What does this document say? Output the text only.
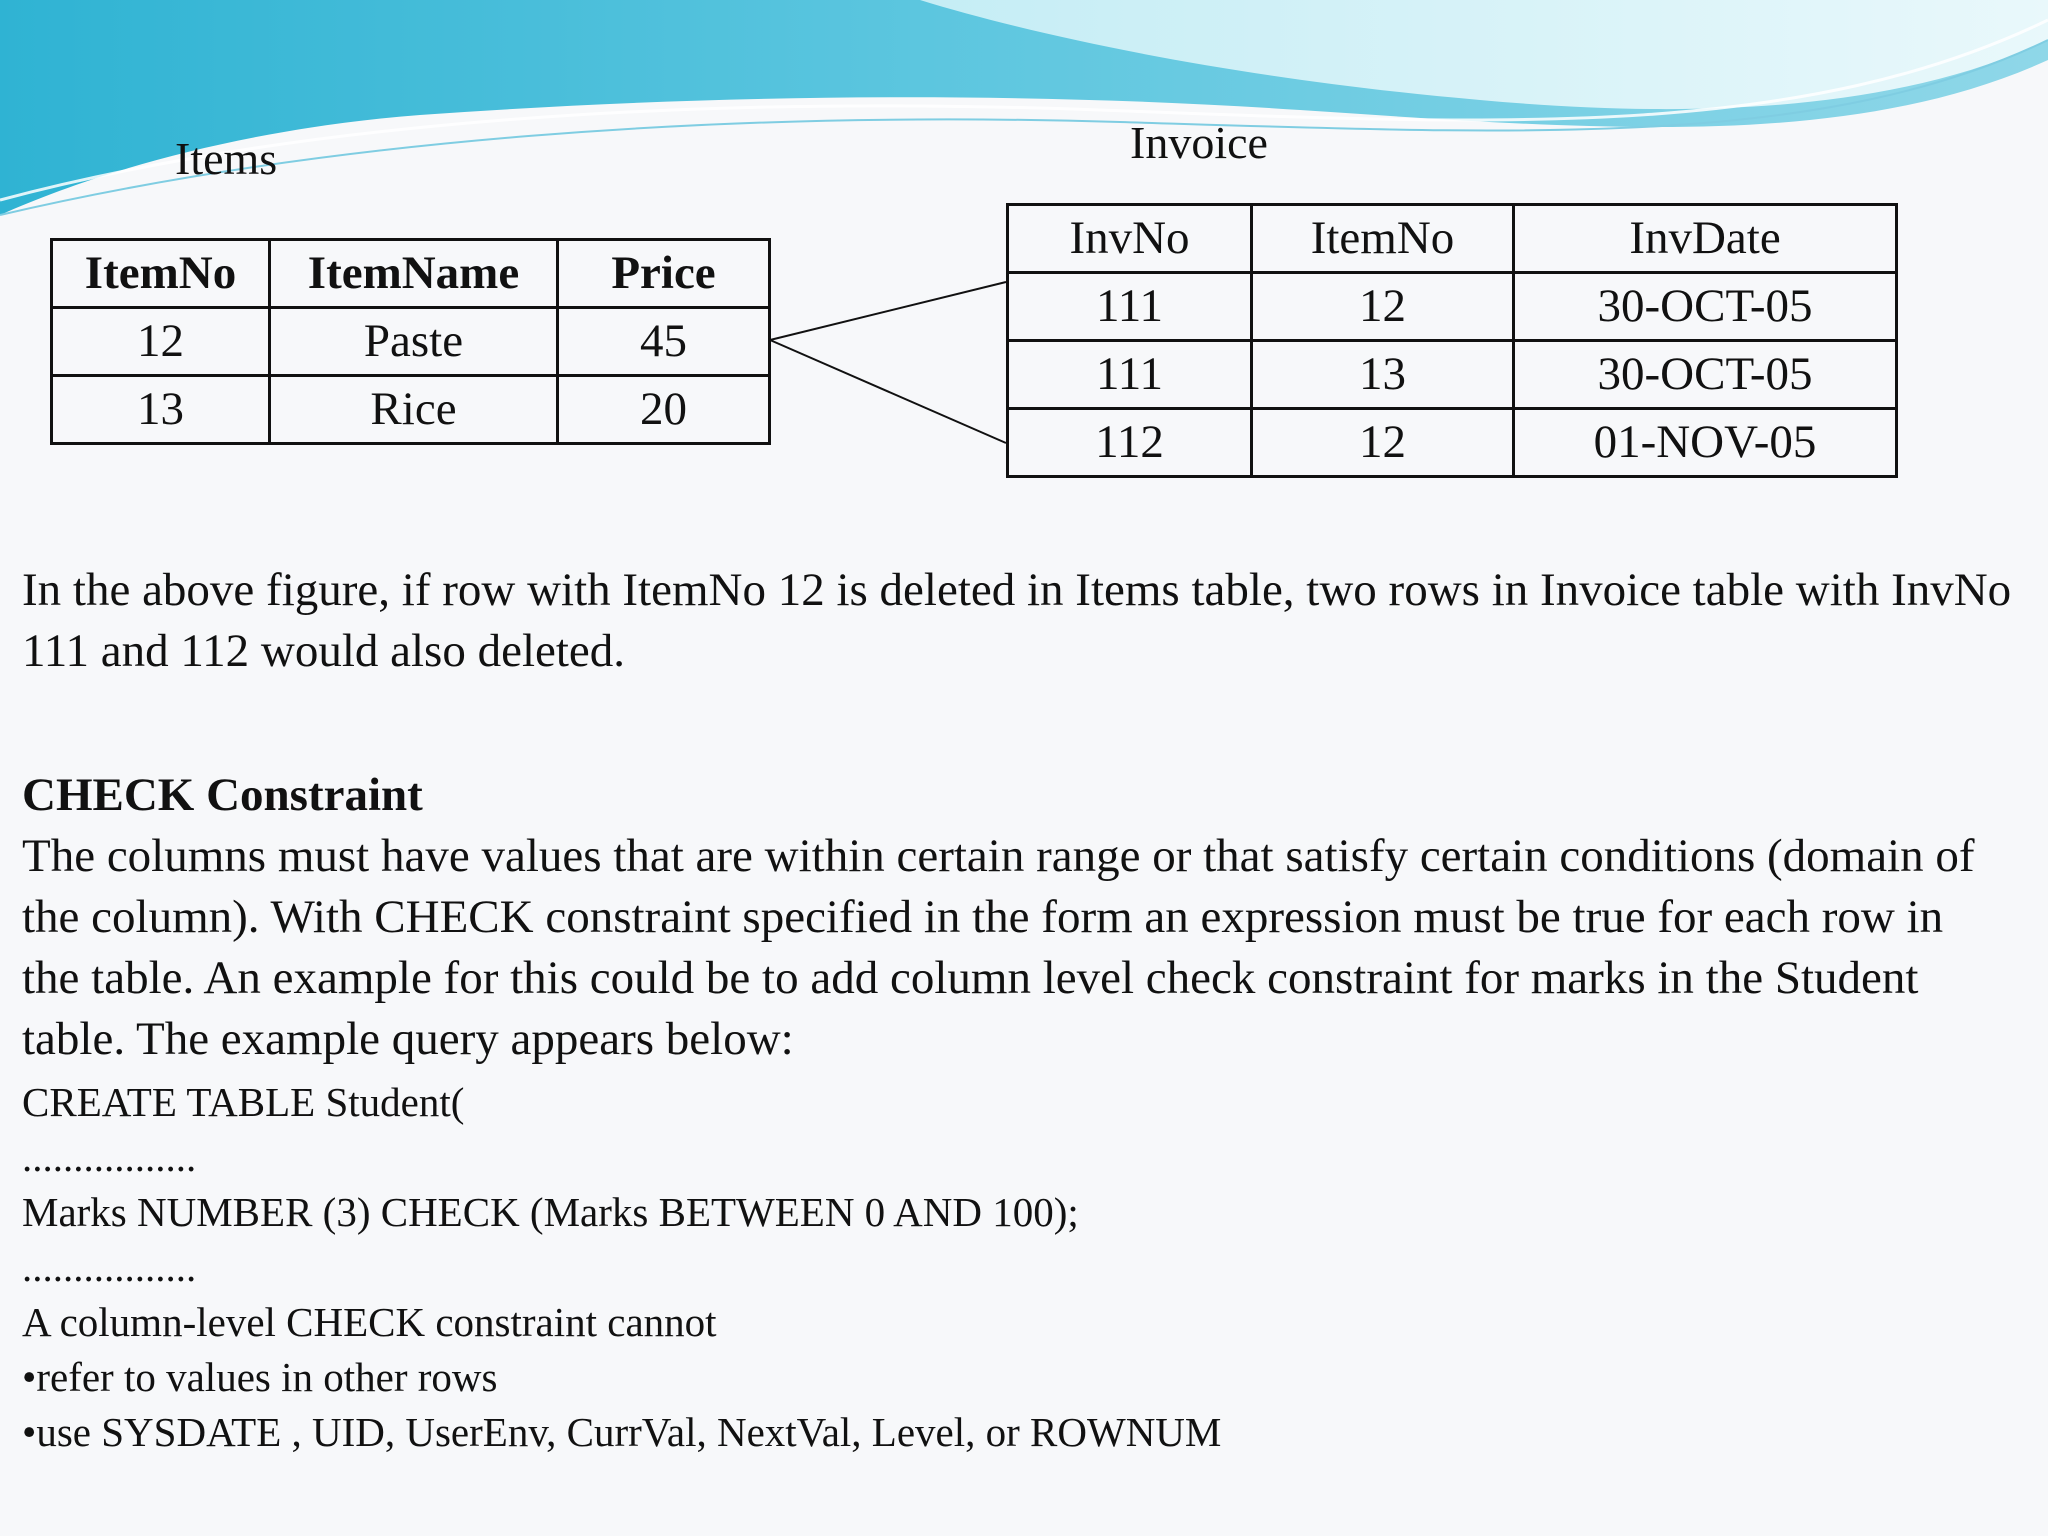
Items
ItemNo	ItemName	Price
12	Paste	45
13	Rice	20
Invoice
InvNo	ItemNo	InvDate
111	12	30-OCT-05
111	13	30-OCT-05
112	12	01-NOV-05

In the above figure, if row with ItemNo 12 is deleted in Items table, two rows in Invoice table with InvNo 111 and 112 would also deleted.

CHECK Constraint

The columns must have values that are within certain range or that satisfy certain conditions (domain of the column). With CHECK constraint specified in the form an expression must be true for each row in the table. An example for this could be to add column level check constraint for marks in the Student table. The example query appears below:

CREATE TABLE Student(
.................
Marks NUMBER (3) CHECK (Marks BETWEEN 0 AND 100);
.................
A column-level CHECK constraint cannot
•refer to values in other rows
•use SYSDATE , UID, UserEnv, CurrVal, NextVal, Level, or ROWNUM
